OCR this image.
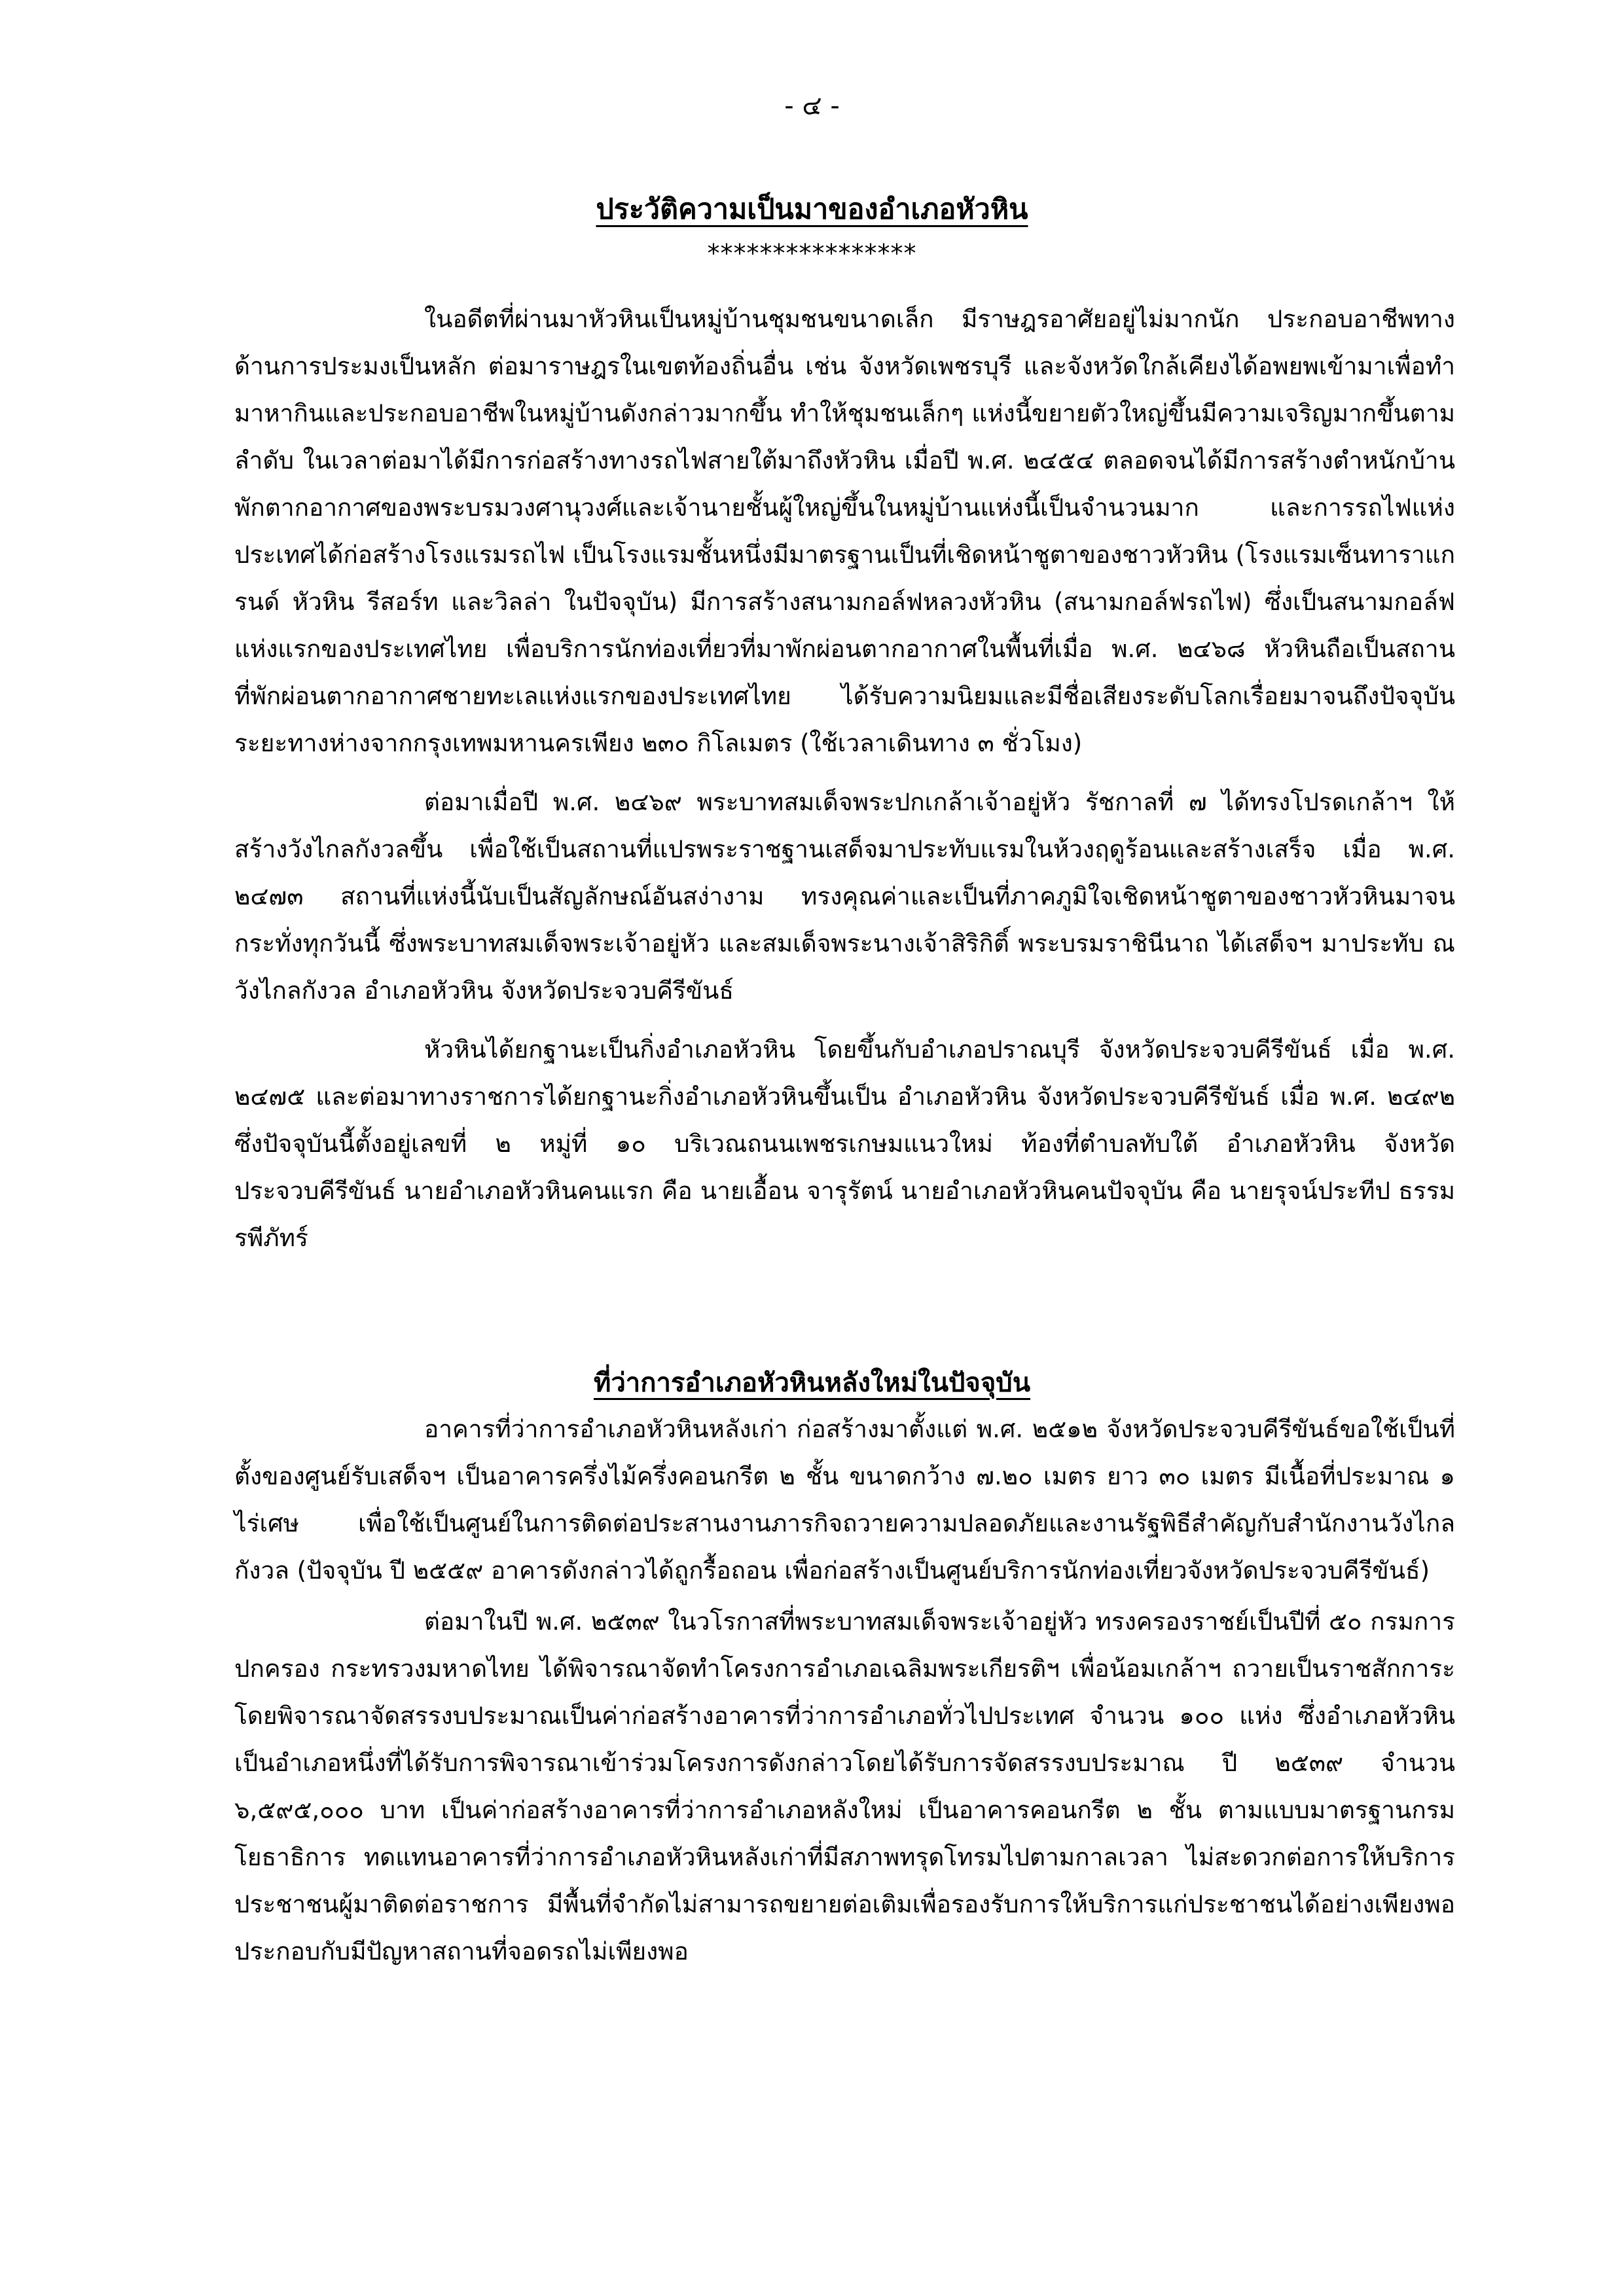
- ๔ -
ประวัติความเป็นมาของอำเภอหัวหิน
****************

ในอดีตที่ผ่านมาหัวหินเป็นหมู่บ้านชุมชนขนาดเล็ก มีราษฎรอาศัยอยู่ไม่มากนัก ประกอบอาชีพทางด้านการประมงเป็นหลัก ต่อมาราษฎรในเขตท้องถิ่นอื่น เช่น จังหวัดเพชรบุรี และจังหวัดใกล้เคียงได้อพยพเข้ามาเพื่อทำมาหากินและประกอบอาชีพในหมู่บ้านดังกล่าวมากขึ้น ทำให้ชุมชนเล็กๆ แห่งนี้ขยายตัวใหญ่ขึ้นมีความเจริญมากขึ้นตามลำดับ ในเวลาต่อมาได้มีการก่อสร้างทางรถไฟสายใต้มาถึงหัวหิน เมื่อปี พ.ศ. ๒๔๕๔ ตลอดจนได้มีการสร้างตำหนักบ้านพักตากอากาศของพระบรมวงศานุวงศ์และเจ้านายชั้นผู้ใหญ่ขึ้นในหมู่บ้านแห่งนี้เป็นจำนวนมาก และการรถไฟแห่งประเทศได้ก่อสร้างโรงแรมรถไฟ เป็นโรงแรมชั้นหนึ่งมีมาตรฐานเป็นที่เชิดหน้าชูตาของชาวหัวหิน (โรงแรมเซ็นทาราแกรนด์ หัวหิน รีสอร์ท และวิลล่า ในปัจจุบัน) มีการสร้างสนามกอล์ฟหลวงหัวหิน (สนามกอล์ฟรถไฟ) ซึ่งเป็นสนามกอล์ฟแห่งแรกของประเทศไทย เพื่อบริการนักท่องเที่ยวที่มาพักผ่อนตากอากาศในพื้นที่เมื่อ พ.ศ. ๒๔๖๘ หัวหินถือเป็นสถานที่พักผ่อนตากอากาศชายทะเลแห่งแรกของประเทศไทย ได้รับความนิยมและมีชื่อเสียงระดับโลกเรื่อยมาจนถึงปัจจุบัน ระยะทางห่างจากกรุงเทพมหานครเพียง ๒๓๐ กิโลเมตร (ใช้เวลาเดินทาง ๓ ชั่วโมง)

ต่อมาเมื่อปี พ.ศ. ๒๔๖๙ พระบาทสมเด็จพระปกเกล้าเจ้าอยู่หัว รัชกาลที่ ๗ ได้ทรงโปรดเกล้าฯ ให้สร้างวังไกลกังวลขึ้น เพื่อใช้เป็นสถานที่แปรพระราชฐานเสด็จมาประทับแรมในห้วงฤดูร้อนและสร้างเสร็จ เมื่อ พ.ศ. ๒๔๗๓ สถานที่แห่งนี้นับเป็นสัญลักษณ์อันสง่างาม ทรงคุณค่าและเป็นที่ภาคภูมิใจเชิดหน้าชูตาของชาวหัวหินมาจนกระทั่งทุกวันนี้ ซึ่งพระบาทสมเด็จพระเจ้าอยู่หัว และสมเด็จพระนางเจ้าสิริกิติ์ พระบรมราชินีนาถ ได้เสด็จฯ มาประทับ ณ วังไกลกังวล อำเภอหัวหิน จังหวัดประจวบคีรีขันธ์

หัวหินได้ยกฐานะเป็นกิ่งอำเภอหัวหิน โดยขึ้นกับอำเภอปราณบุรี จังหวัดประจวบคีรีขันธ์ เมื่อ พ.ศ. ๒๔๗๕ และต่อมาทางราชการได้ยกฐานะกิ่งอำเภอหัวหินขึ้นเป็น อำเภอหัวหิน จังหวัดประจวบคีรีขันธ์ เมื่อ พ.ศ. ๒๔๙๒ ซึ่งปัจจุบันนี้ตั้งอยู่เลขที่ ๒ หมู่ที่ ๑๐ บริเวณถนนเพชรเกษมแนวใหม่ ท้องที่ตำบลทับใต้ อำเภอหัวหิน จังหวัดประจวบคีรีขันธ์ นายอำเภอหัวหินคนแรก คือ นายเอื้อน จารุรัตน์ นายอำเภอหัวหินคนปัจจุบัน คือ นายรุจน์ประทีป ธรรมรพีภัทร์

ที่ว่าการอำเภอหัวหินหลังใหม่ในปัจจุบัน

อาคารที่ว่าการอำเภอหัวหินหลังเก่า ก่อสร้างมาตั้งแต่ พ.ศ. ๒๕๑๒ จังหวัดประจวบคีรีขันธ์ขอใช้เป็นที่ตั้งของศูนย์รับเสด็จฯ เป็นอาคารครึ่งไม้ครึ่งคอนกรีต ๒ ชั้น ขนาดกว้าง ๗.๒๐ เมตร ยาว ๓๐ เมตร มีเนื้อที่ประมาณ ๑ ไร่เศษ เพื่อใช้เป็นศูนย์ในการติดต่อประสานงานภารกิจถวายความปลอดภัยและงานรัฐพิธีสำคัญกับสำนักงานวังไกลกังวล (ปัจจุบัน ปี ๒๕๕๙ อาคารดังกล่าวได้ถูกรื้อถอน เพื่อก่อสร้างเป็นศูนย์บริการนักท่องเที่ยวจังหวัดประจวบคีรีขันธ์)

ต่อมาในปี พ.ศ. ๒๕๓๙ ในวโรกาสที่พระบาทสมเด็จพระเจ้าอยู่หัว ทรงครองราชย์เป็นปีที่ ๕๐ กรมการปกครอง กระทรวงมหาดไทย ได้พิจารณาจัดทำโครงการอำเภอเฉลิมพระเกียรติฯ เพื่อน้อมเกล้าฯ ถวายเป็นราชสักการะ โดยพิจารณาจัดสรรงบประมาณเป็นค่าก่อสร้างอาคารที่ว่าการอำเภอทั่วไปประเทศ จำนวน ๑๐๐ แห่ง ซึ่งอำเภอหัวหินเป็นอำเภอหนึ่งที่ได้รับการพิจารณาเข้าร่วมโครงการดังกล่าวโดยได้รับการจัดสรรงบประมาณ ปี ๒๕๓๙ จำนวน ๖,๕๙๕,๐๐๐ บาท เป็นค่าก่อสร้างอาคารที่ว่าการอำเภอหลังใหม่ เป็นอาคารคอนกรีต ๒ ชั้น ตามแบบมาตรฐานกรมโยธาธิการ ทดแทนอาคารที่ว่าการอำเภอหัวหินหลังเก่าที่มีสภาพทรุดโทรมไปตามกาลเวลา ไม่สะดวกต่อการให้บริการประชาชนผู้มาติดต่อราชการ มีพื้นที่จำกัดไม่สามารถขยายต่อเติมเพื่อรองรับการให้บริการแก่ประชาชนได้อย่างเพียงพอ ประกอบกับมีปัญหาสถานที่จอดรถไม่เพียงพอ
